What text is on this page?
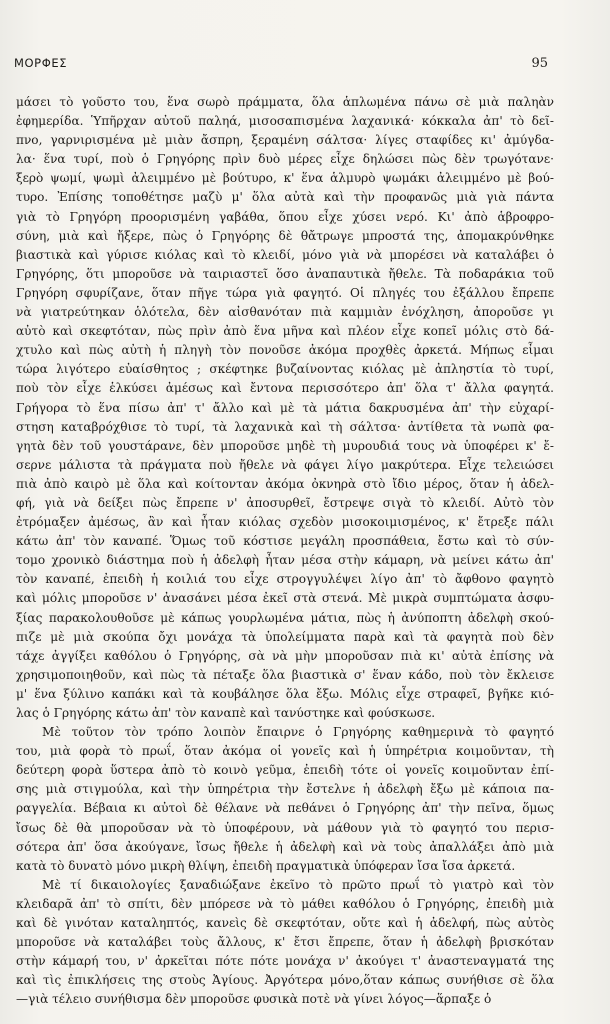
ΜΟΡΦΕΣ	95
μάσει τὸ γοῦστο του, ἕνα σωρὸ πράμματα, ὅλα ἁπλωμένα πάνω σὲ μιὰ παληὰν
ἐφημερίδα. Ὑπῆρχαν αὐτοῦ παληά, μισοσαπισμένα λαχανικά· κόκκαλα ἀπ' τὸ δεῖ-
πνο, γαρνιρισμένα μὲ μιὰν ἄσπρη, ξεραμένη σάλτσα· λίγες σταφίδες κι' ἀμύγδα-
λα· ἕνα τυρί, ποὺ ὁ Γρηγόρης πρὶν δυὸ μέρες εἶχε δηλώσει πὼς δὲν τρωγότανε·
ξερὸ ψωμί, ψωμὶ ἀλειμμένο μὲ βούτυρο, κ' ἕνα ἁλμυρὸ ψωμάκι ἀλειμμένο μὲ βού-
τυρο. Ἐπίσης τοποθέτησε μαζὺ μ' ὅλα αὐτὰ καὶ τὴν προφανῶς μιὰ γιὰ πάντα
γιὰ τὸ Γρηγόρη προορισμένη γαβάθα, ὅπου εἶχε χύσει νερό. Κι' ἀπὸ ἁβροφρο-
σύνη, μιὰ καὶ ἤξερε, πὼς ὁ Γρηγόρης δὲ θἄτρωγε μπροστά της, ἀπομακρύνθηκε
βιαστικὰ καὶ γύρισε κιόλας καὶ τὸ κλειδί, μόνο γιὰ νὰ μπορέσει νὰ καταλάβει ὁ
Γρηγόρης, ὅτι μποροῦσε νὰ ταιριαστεῖ ὅσο ἀναπαυτικὰ ἤθελε. Τὰ ποδαράκια τοῦ
Γρηγόρη σφυρίζανε, ὅταν πῆγε τώρα γιὰ φαγητό. Οἱ πληγές του ἐξάλλου ἔπρεπε
νὰ γιατρεύτηκαν ὁλότελα, δὲν αἰσθανόταν πιὰ καμμιὰν ἐνόχληση, ἀποροῦσε γι
αὐτὸ καὶ σκεφτόταν, πὼς πρὶν ἀπὸ ἕνα μῆνα καὶ πλέον εἶχε κοπεῖ μόλις στὸ δά-
χτυλο καὶ πὼς αὐτὴ ἡ πληγὴ τὸν πονοῦσε ἀκόμα προχθὲς ἀρκετά. Μήπως εἶμαι
τώρα λιγότερο εὐαίσθητος ; σκέφτηκε βυζαίνοντας κιόλας μὲ ἀπληστία τὸ τυρί,
ποὺ τὸν εἶχε ἑλκύσει ἀμέσως καὶ ἔντονα περισσότερο ἀπ' ὅλα τ' ἄλλα φαγητά.
Γρήγορα τὸ ἕνα πίσω ἀπ' τ' ἄλλο καὶ μὲ τὰ μάτια δακρυσμένα ἀπ' τὴν εὐχαρί-
στηση καταβρόχθισε τὸ τυρί, τὰ λαχανικὰ καὶ τὴ σάλτσα· ἀντίθετα τὰ νωπὰ φα-
γητὰ δὲν τοῦ γουστάρανε, δὲν μποροῦσε μηδὲ τὴ μυρουδιά τους νὰ ὑποφέρει κ' ἔ-
σερνε μάλιστα τὰ πράγματα ποὺ ἤθελε νὰ φάγει λίγο μακρύτερα. Εἶχε τελειώσει
πιὰ ἀπὸ καιρὸ μὲ ὅλα καὶ κοίτονταν ἀκόμα ὀκνηρὰ στὸ ἴδιο μέρος, ὅταν ἡ ἀδελ-
φή, γιὰ νὰ δείξει πὼς ἔπρεπε ν' ἀποσυρθεῖ, ἔστρεψε σιγὰ τὸ κλειδί. Αὐτὸ τὸν
ἐτρόμαξεν ἀμέσως, ἂν καὶ ἦταν κιόλας σχεδὸν μισοκοιμισμένος, κ' ἔτρεξε πάλι
κάτω ἀπ' τὸν καναπέ. Ὅμως τοῦ κόστισε μεγάλη προσπάθεια, ἔστω καὶ τὸ σύν-
τομο χρονικὸ διάστημα ποὺ ἡ ἀδελφὴ ἦταν μέσα στὴν κάμαρη, νὰ μείνει κάτω ἀπ'
τὸν καναπέ, ἐπειδὴ ἡ κοιλιά του εἶχε στρογγυλέψει λίγο ἀπ' τὸ ἄφθονο φαγητὸ
καὶ μόλις μποροῦσε ν' ἀνασάνει μέσα ἐκεῖ στὰ στενά. Μὲ μικρὰ συμπτώματα ἀσφυ-
ξίας παρακολουθοῦσε μὲ κάπως γουρλωμένα μάτια, πὼς ἡ ἀνύποπτη ἀδελφὴ σκού-
πιζε μὲ μιὰ σκούπα ὄχι μονάχα τὰ ὑπολείμματα παρὰ καὶ τὰ φαγητὰ ποὺ δὲν
τάχε ἀγγίξει καθόλου ὁ Γρηγόρης, σὰ νὰ μὴν μποροῦσαν πιὰ κι' αὐτὰ ἐπίσης νὰ
χρησιμοποιηθοῦν, καὶ πὼς τὰ πέταξε ὅλα βιαστικὰ σ' ἕναν κάδο, ποὺ τὸν ἔκλεισε
μ' ἕνα ξύλινο καπάκι καὶ τὰ κουβάλησε ὅλα ἔξω. Μόλις εἶχε στραφεῖ, βγῆκε κιό-
λας ὁ Γρηγόρης κάτω ἀπ' τὸν καναπὲ καὶ τανύστηκε καὶ φούσκωσε.
Μὲ τοῦτον τὸν τρόπο λοιπὸν ἔπαιρνε ὁ Γρηγόρης καθημερινὰ τὸ φαγητό
του, μιὰ φορὰ τὸ πρωΐ, ὅταν ἀκόμα οἱ γονεῖς καὶ ἡ ὑπηρέτρια κοιμοῦνταν, τὴ
δεύτερη φορὰ ὕστερα ἀπὸ τὸ κοινὸ γεῦμα, ἐπειδὴ τότε οἱ γονεῖς κοιμοῦνταν ἐπί-
σης μιὰ στιγμούλα, καὶ τὴν ὑπηρέτρια τὴν ἔστελνε ἡ ἀδελφὴ ἔξω μὲ κάποια πα-
ραγγελία. Βέβαια κι αὐτοὶ δὲ θέλανε νὰ πεθάνει ὁ Γρηγόρης ἀπ' τὴν πεῖνα, ὅμως
ἴσως δὲ θὰ μποροῦσαν νὰ τὸ ὑποφέρουν, νὰ μάθουν γιὰ τὸ φαγητό του περισ-
σότερα ἀπ' ὅσα ἀκούγανε, ἴσως ἤθελε ἡ ἀδελφὴ καὶ νὰ τοὺς ἀπαλλάξει ἀπὸ μιὰ
κατὰ τὸ δυνατὸ μόνο μικρὴ θλίψη, ἐπειδὴ πραγματικὰ ὑπόφεραν ἴσα ἴσα ἀρκετά.
Μὲ τί δικαιολογίες ξαναδιώξανε ἐκεῖνο τὸ πρῶτο πρωΐ τὸ γιατρὸ καὶ τὸν
κλειδαρᾶ ἀπ' τὸ σπίτι, δὲν μπόρεσε νὰ τὸ μάθει καθόλου ὁ Γρηγόρης, ἐπειδὴ μιὰ
καὶ δὲ γινόταν καταληπτός, κανεὶς δὲ σκεφτόταν, οὔτε καὶ ἡ ἀδελφή, πὼς αὐτὸς
μποροῦσε νὰ καταλάβει τοὺς ἄλλους, κ' ἔτσι ἔπρεπε, ὅταν ἡ ἀδελφὴ βρισκόταν
στὴν κάμαρή του, ν' ἀρκεῖται πότε πότε μονάχα ν' ἀκούγει τ' ἀναστεναγματά της
καὶ τὶς ἐπικλήσεις της στοὺς Ἁγίους. Ἀργότερα μόνο,ὅταν κάπως συνήθισε σὲ ὅλα
—γιὰ τέλειο συνήθισμα δὲν μποροῦσε φυσικὰ ποτὲ νὰ γίνει λόγος—ἅρπαξε ὁ
